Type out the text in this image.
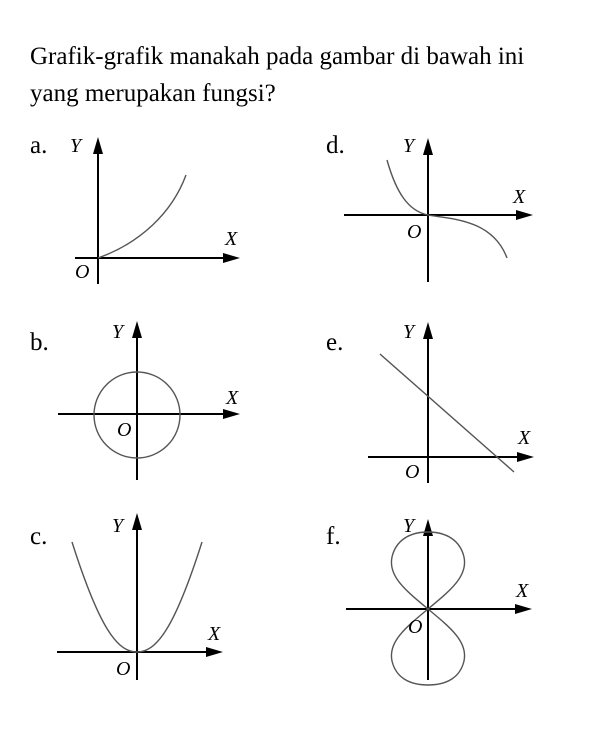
Grafik-grafik manakah pada gambar di bawah ini yang merupakan fungsi?

a. Y
X
O
b.	Y
X
O
c.	Y
X
O
d.	Y
X
O
e.	Y
X
O
f.	Y
X
O
